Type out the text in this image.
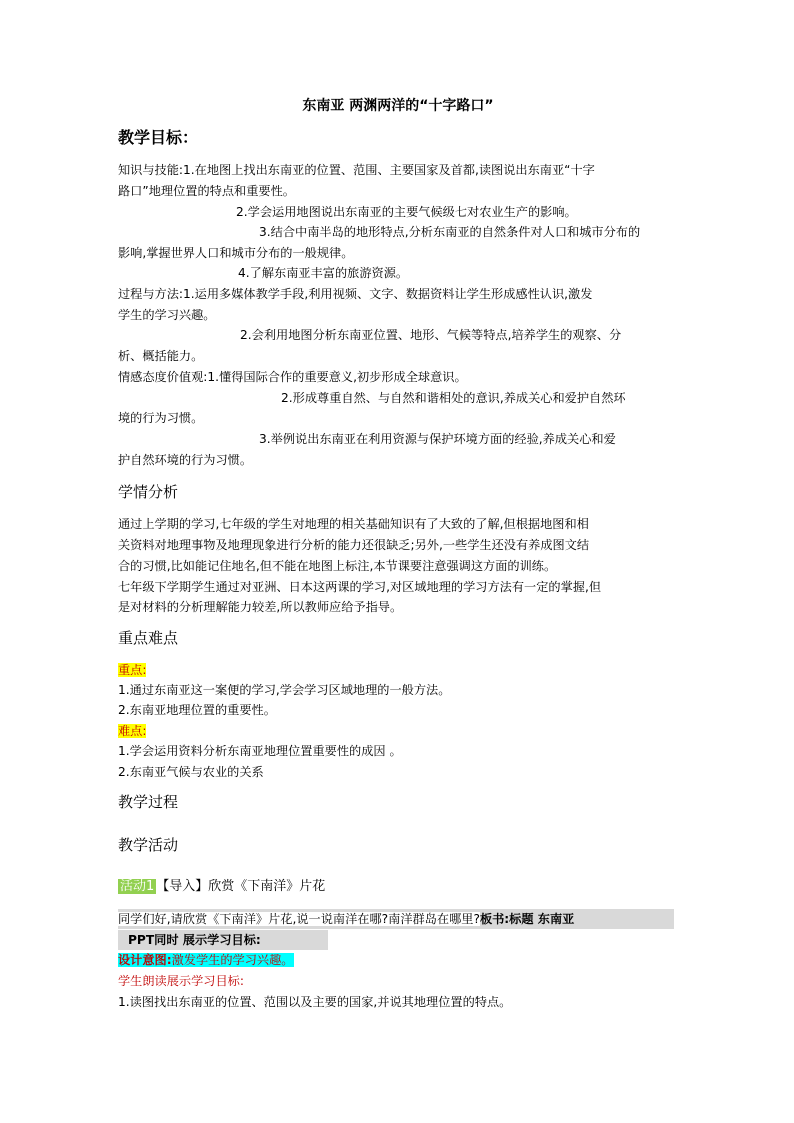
东南亚 两渊两洋的“十字路口”
教学目标：
知识与技能:1.在地图上找出东南亚的位置、范围、主要国家及首都,读图说出东南亚“十字
路口”地理位置的特点和重要性。
2.学会运用地图说出东南亚的主要气候级七对农业生产的影响。
3.结合中南半岛的地形特点,分析东南亚的自然条件对人口和城市分布的
影响,掌握世界人口和城市分布的一般规律。
4.了解东南亚丰富的旅游资源。
过程与方法:1.运用多媒体教学手段,利用视频、文字、数据资料让学生形成感性认识,激发
学生的学习兴趣。
2.会利用地图分析东南亚位置、地形、气候等特点,培养学生的观察、分
析、概括能力。
情感态度价值观:1.懂得国际合作的重要意义,初步形成全球意识。
2.形成尊重自然、与自然和谐相处的意识,养成关心和爱护自然环
境的行为习惯。
3.举例说出东南亚在利用资源与保护环境方面的经验,养成关心和爱
护自然环境的行为习惯。
学情分析
通过上学期的学习,七年级的学生对地理的相关基础知识有了大致的了解,但根据地图和相
关资料对地理事物及地理现象进行分析的能力还很缺乏;另外,一些学生还没有养成图文结
合的习惯,比如能记住地名,但不能在地图上标注,本节课要注意强调这方面的训练。
七年级下学期学生通过对亚洲、日本这两课的学习,对区域地理的学习方法有一定的掌握,但
是对材料的分析理解能力较差,所以教师应给予指导。
重点难点
重点:
1.通过东南亚这一案便的学习,学会学习区域地理的一般方法。
2.东南亚地理位置的重要性。
难点:
1.学会运用资料分析东南亚地理位置重要性的成因 。
2.东南亚气候与农业的关系
教学过程
教学活动
活动1 【导入】欣赏《下南洋》片花
同学们好,请欣赏《下南洋》片花,说一说南洋在哪?南洋群岛在哪里?板书:标题 东南亚
PPT同时 展示学习目标:
设计意图:激发学生的学习兴趣。
学生朗读展示学习目标:
1.读图找出东南亚的位置、范围以及主要的国家,并说其地理位置的特点。
